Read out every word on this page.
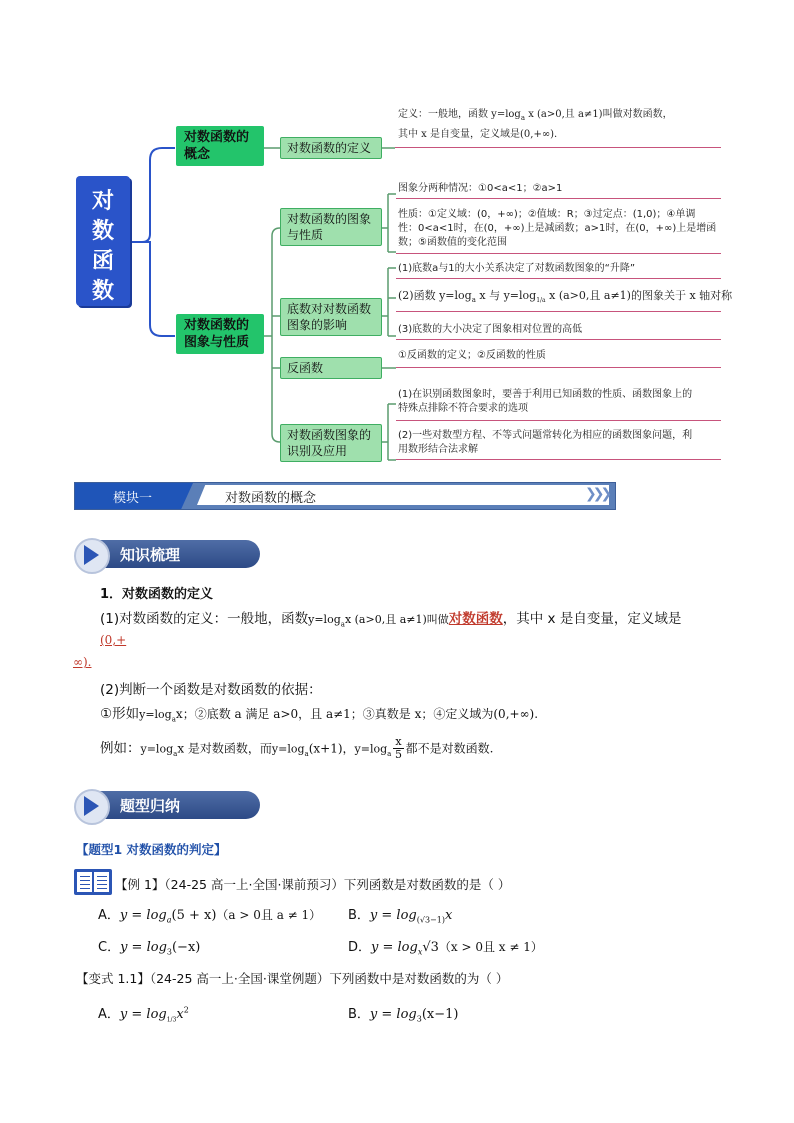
对
数
函
数
对数函数的
概念
对数函数的
图象与性质
对数函数的定义
定义：一般地，函数 $y=\log_a$ x (a>0,且 a≠1)叫做对数函数，
其中 x 是自变量，定义域是(0,+∞).
对数函数的图象
与性质
图象分两种情况：①0<a<1；②a>1
性质：①定义域：(0，+∞)；②值域：R；③过定点：(1,0)；④单调
性：0<a<1时，在(0，+∞)上是减函数；a>1时，在(0，+∞)上是增函
数；⑤函数值的变化范围
底数对对数函数
图象的影响
(1)底数a与1的大小关系决定了对数函数图象的“升降”
(2)函数 $y=\log_a$ x 与 $y=\log_{1/a}$ x (a>0,且 a≠1)的图象关于 x 轴对称
(3)底数的大小决定了图象相对位置的高低
反函数
①反函数的定义；②反函数的性质
对数函数图象的
识别及应用
(1)在识别函数图象时，要善于利用已知函数的性质、函数图象上的
特殊点排除不符合要求的选项
(2)一些对数型方程、不等式问题常转化为相应的函数图象问题，利
用数形结合法求解
模块一	对数函数的概念	❯❯❯
知识梳理
1．对数函数的定义
(1)对数函数的定义：一般地，函数$y=\log_ax$ (a>0,且 a≠1)叫做对数函数，其中 x 是自变量，定义域是
(0,+
∞).
(2)判断一个函数是对数函数的依据：
①形如$y=\log_ax$；②底数 a 满足 a>0，且 a≠1；③真数是 x；④定义域为(0,+∞).
例如：$y=\log_ax$ 是对数函数，而$y=\log_a(x+1)$，$y=\log_a \frac{x}{5}$ 都不是对数函数.
题型归纳
【题型1 对数函数的判定】
【例 1】（24-25 高一上·全国·课前预习）下列函数是对数函数的是（ ）
A．$y = \log_a(5 + x)(a > 0$且 a ≠ 1） B．$y = \log_{(√3-1)}x$
C．$y = \log_3(-x)$	D．$y = \log_x√3(x > 0$且 x ≠ 1）
【变式 1.1】（24-25 高一上·全国·课堂例题）下列函数中是对数函数的为（ ）
A．$y = \log_{1/3}x^2$	B．$y = \log_3(x-1)$
